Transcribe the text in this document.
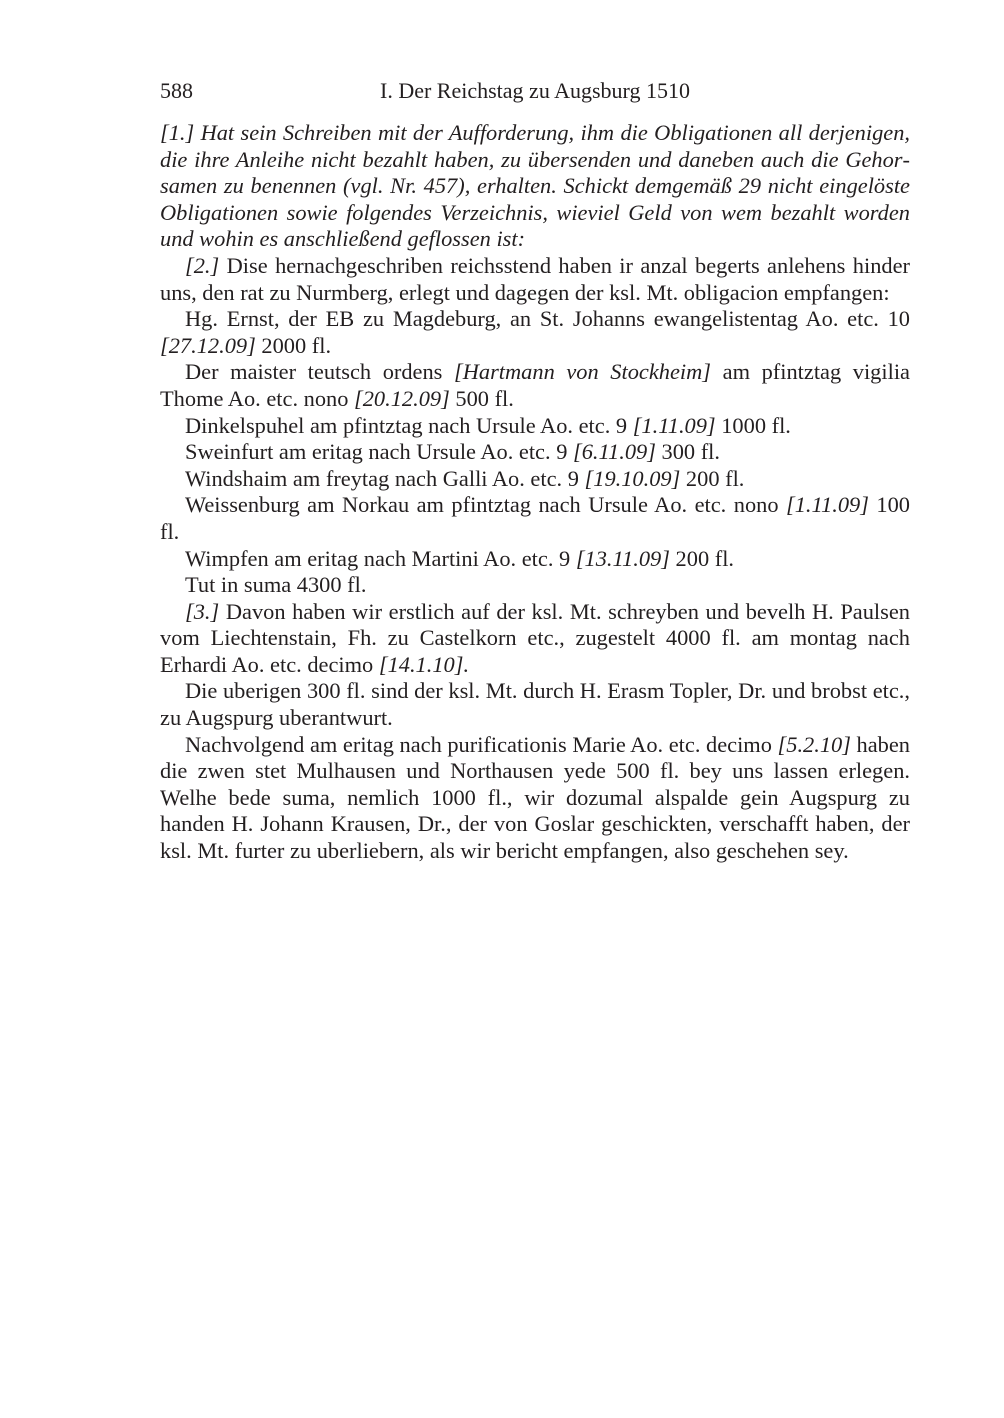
588	I. Der Reichstag zu Augsburg 1510

[1.] Hat sein Schreiben mit der Aufforderung, ihm die Obligationen all derjenigen, die ihre Anleihe nicht bezahlt haben, zu übersenden und daneben auch die Gehorsamen zu benennen (vgl. Nr. 457), erhalten. Schickt demgemäß 29 nicht eingelöste Obligationen sowie folgendes Verzeichnis, wieviel Geld von wem bezahlt worden und wohin es anschließend geflossen ist:

[2.] Dise hernachgeschriben reichsstend haben ir anzal begerts anlehens hinder uns, den rat zu Nurmberg, erlegt und dagegen der ksl. Mt. obligacion empfangen:

Hg. Ernst, der EB zu Magdeburg, an St. Johanns ewangelistentag Ao. etc. 10 [27.12.09] 2000 fl.

Der maister teutsch ordens [Hartmann von Stockheim] am pfintztag vigilia Thome Ao. etc. nono [20.12.09] 500 fl.

Dinkelspuhel am pfintztag nach Ursule Ao. etc. 9 [1.11.09] 1000 fl.

Sweinfurt am eritag nach Ursule Ao. etc. 9 [6.11.09] 300 fl.

Windshaim am freytag nach Galli Ao. etc. 9 [19.10.09] 200 fl.

Weissenburg am Norkau am pfintztag nach Ursule Ao. etc. nono [1.11.09] 100 fl.

Wimpfen am eritag nach Martini Ao. etc. 9 [13.11.09] 200 fl.

Tut in suma 4300 fl.

[3.] Davon haben wir erstlich auf der ksl. Mt. schreyben und bevelh H. Paulsen vom Liechtenstain, Fh. zu Castelkorn etc., zugestelt 4000 fl. am montag nach Erhardi Ao. etc. decimo [14.1.10].

Die uberigen 300 fl. sind der ksl. Mt. durch H. Erasm Topler, Dr. und brobst etc., zu Augspurg uberantwurt.

Nachvolgend am eritag nach purificationis Marie Ao. etc. decimo [5.2.10] haben die zwen stet Mulhausen und Northausen yede 500 fl. bey uns lassen erlegen. Welhe bede suma, nemlich 1000 fl., wir dozumal alspalde gein Augspurg zu handen H. Johann Krausen, Dr., der von Goslar geschickten, verschafft haben, der ksl. Mt. furter zu uberliebern, als wir bericht empfangen, also geschehen sey.
